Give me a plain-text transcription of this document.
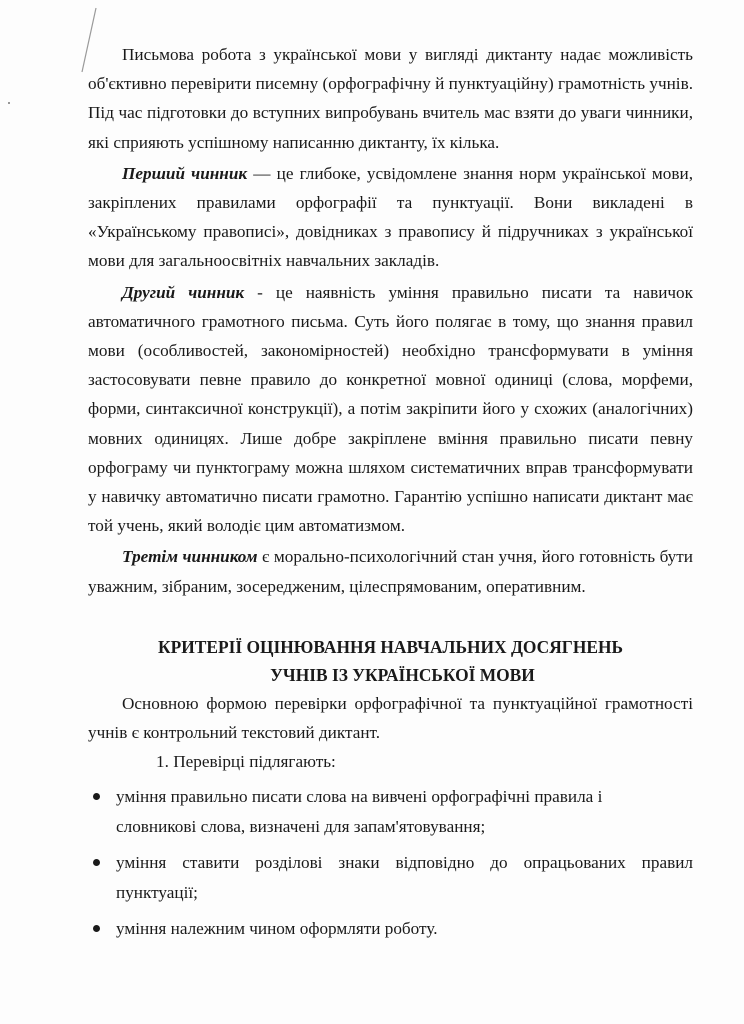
Письмова робота з української мови у вигляді диктанту надає можливість об'єктивно перевірити писемну (орфографічну й пунктуаційну) грамотність учнів. Під час підготовки до вступних випробувань вчитель мас взяти до уваги чинники, які сприяють успішному написанню диктанту, їх кілька.

Перший чинник — це глибоке, усвідомлене знання норм української мови, закріплених правилами орфографії та пунктуації. Вони викладені в «Українському правописі», довідниках з правопису й підручниках з української мови для загальноосвітніх навчальних закладів.

Другий чинник - це наявність уміння правильно писати та навичок автоматичного грамотного письма. Суть його полягає в тому, що знання правил мови (особливостей, закономірностей) необхідно трансформувати в уміння застосовувати певне правило до конкретної мовної одиниці (слова, морфеми, форми, синтаксичної конструкції), а потім закріпити його у схожих (аналогічних) мовних одиницях. Лише добре закріплене вміння правильно писати певну орфограму чи пунктограму можна шляхом систематичних вправ трансформувати у навичку автоматично писати грамотно. Гарантію успішно написати диктант має той учень, який володіє цим автоматизмом.

Третім чинником є морально-психологічний стан учня, його готовність бути уважним, зібраним, зосередженим, цілеспрямованим, оперативним.

КРИТЕРІЇ ОЦІНЮВАННЯ НАВЧАЛЬНИХ ДОСЯГНЕНЬ
УЧНІВ ІЗ УКРАЇНСЬКОЇ МОВИ

Основною формою перевірки орфографічної та пунктуаційної грамотності учнів є контрольний текстовий диктант.

1. Перевірці підлягають:

уміння правильно писати слова на вивчені орфографічні правила і словникові слова, визначені для запам'ятовування;
уміння ставити розділові знаки відповідно до опрацьованих правил пунктуації;
уміння належним чином оформляти роботу.
